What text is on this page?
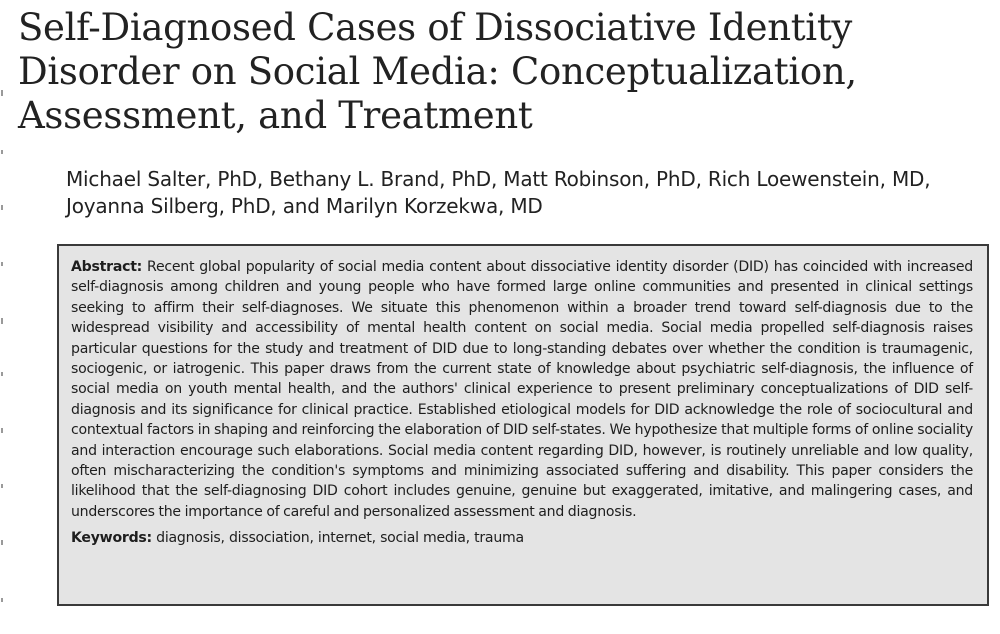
Self-Diagnosed Cases of Dissociative Identity Disorder on Social Media: Conceptualization, Assessment, and Treatment

Michael Salter, PhD, Bethany L. Brand, PhD, Matt Robinson, PhD, Rich Loewenstein, MD, Joyanna Silberg, PhD, and Marilyn Korzekwa, MD

Abstract: Recent global popularity of social media content about dissociative identity disorder (DID) has coincided with increased self-diagnosis among children and young people who have formed large online communities and presented in clinical settings seeking to affirm their self-diagnoses. We situate this phenomenon within a broader trend toward self-diagnosis due to the widespread visibility and accessibility of mental health content on social media. Social media propelled self-diagnosis raises particular questions for the study and treatment of DID due to long-standing debates over whether the condition is traumagenic, sociogenic, or iatrogenic. This paper draws from the current state of knowledge about psychiatric self-diagnosis, the influence of social media on youth mental health, and the authors' clinical experience to present preliminary conceptualizations of DID self-diagnosis and its significance for clinical practice. Established etiological models for DID acknowledge the role of sociocultural and contextual factors in shaping and reinforcing the elaboration of DID self-states. We hypothesize that multiple forms of online sociality and interaction encourage such elaborations. Social media content regarding DID, however, is routinely unreliable and low quality, often mischaracterizing the condition's symptoms and minimizing associated suffering and disability. This paper considers the likelihood that the self-diagnosing DID cohort includes genuine, genuine but exaggerated, imitative, and malingering cases, and underscores the importance of careful and personalized assessment and diagnosis.

Keywords: diagnosis, dissociation, internet, social media, trauma
